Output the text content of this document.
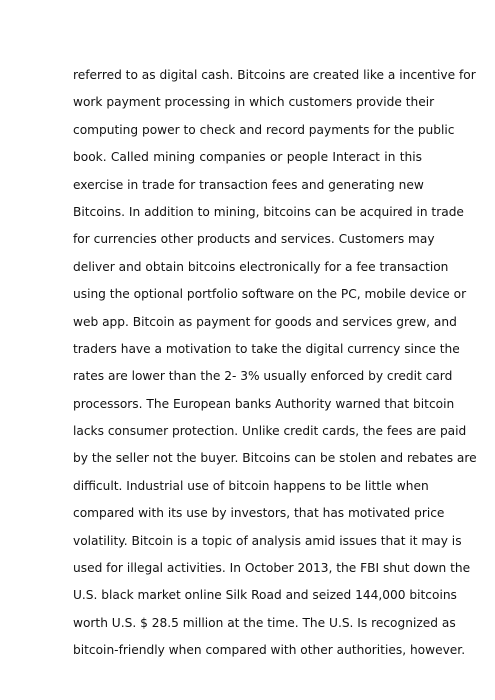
referred to as digital cash. Bitcoins are created like a incentive for
work payment processing in which customers provide their
computing power to check and record payments for the public
book. Called mining companies or people Interact in this
exercise in trade for transaction fees and generating new
Bitcoins. In addition to mining, bitcoins can be acquired in trade
for currencies other products and services. Customers may
deliver and obtain bitcoins electronically for a fee transaction
using the optional portfolio software on the PC, mobile device or
web app. Bitcoin as payment for goods and services grew, and
traders have a motivation to take the digital currency since the
rates are lower than the 2- 3% usually enforced by credit card
processors. The European banks Authority warned that bitcoin
lacks consumer protection. Unlike credit cards, the fees are paid
by the seller not the buyer. Bitcoins can be stolen and rebates are
difficult. Industrial use of bitcoin happens to be little when
compared with its use by investors, that has motivated price
volatility. Bitcoin is a topic of analysis amid issues that it may is
used for illegal activities. In October 2013, the FBI shut down the
U.S. black market online Silk Road and seized 144,000 bitcoins
worth U.S. $ 28.5 million at the time. The U.S. Is recognized as
bitcoin-friendly when compared with other authorities, however.
